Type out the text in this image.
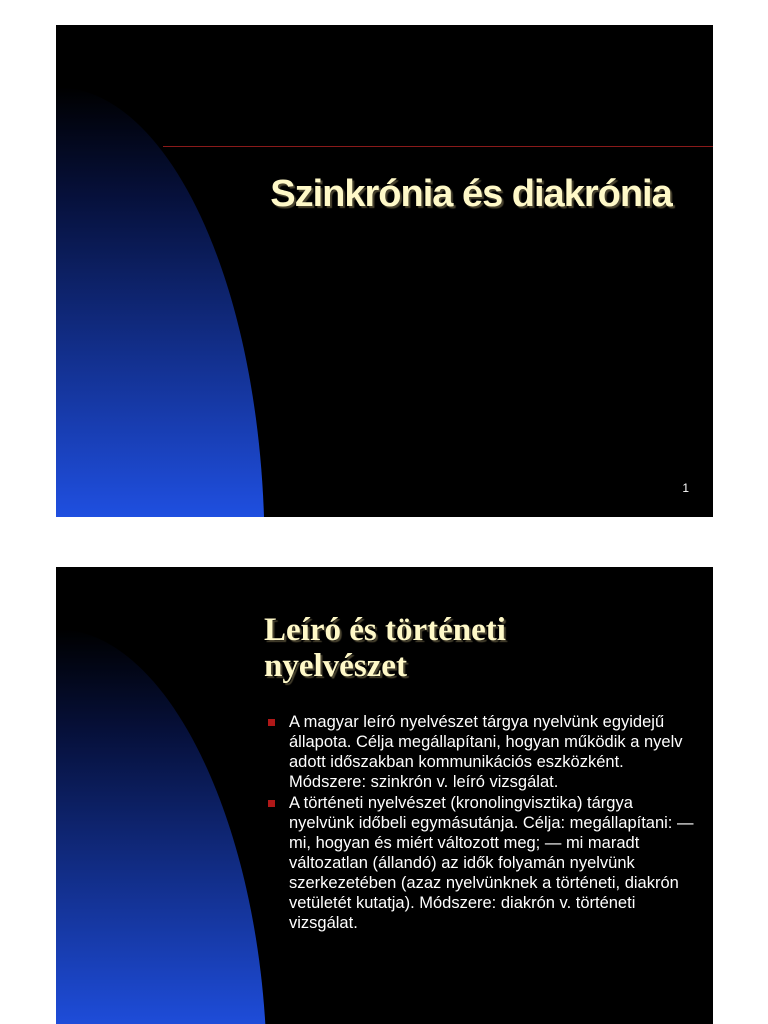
Szinkrónia és diakrónia
1
Leíró és történeti
nyelvészet
A magyar leíró nyelvészet tárgya nyelvünk egyidejű állapota. Célja megállapítani, hogyan működik a nyelv adott időszakban kommunikációs eszközként. Módszere: szinkrón v. leíró vizsgálat.
A történeti nyelvészet (kronolingvisztika) tárgya nyelvünk időbeli egymásutánja. Célja: megállapítani: — mi, hogyan és miért változott meg; — mi maradt változatlan (állandó) az idők folyamán nyelvünk szerkezetében (azaz nyelvünknek a történeti, diakrón vetületét kutatja). Módszere: diakrón v. történeti vizsgálat.
